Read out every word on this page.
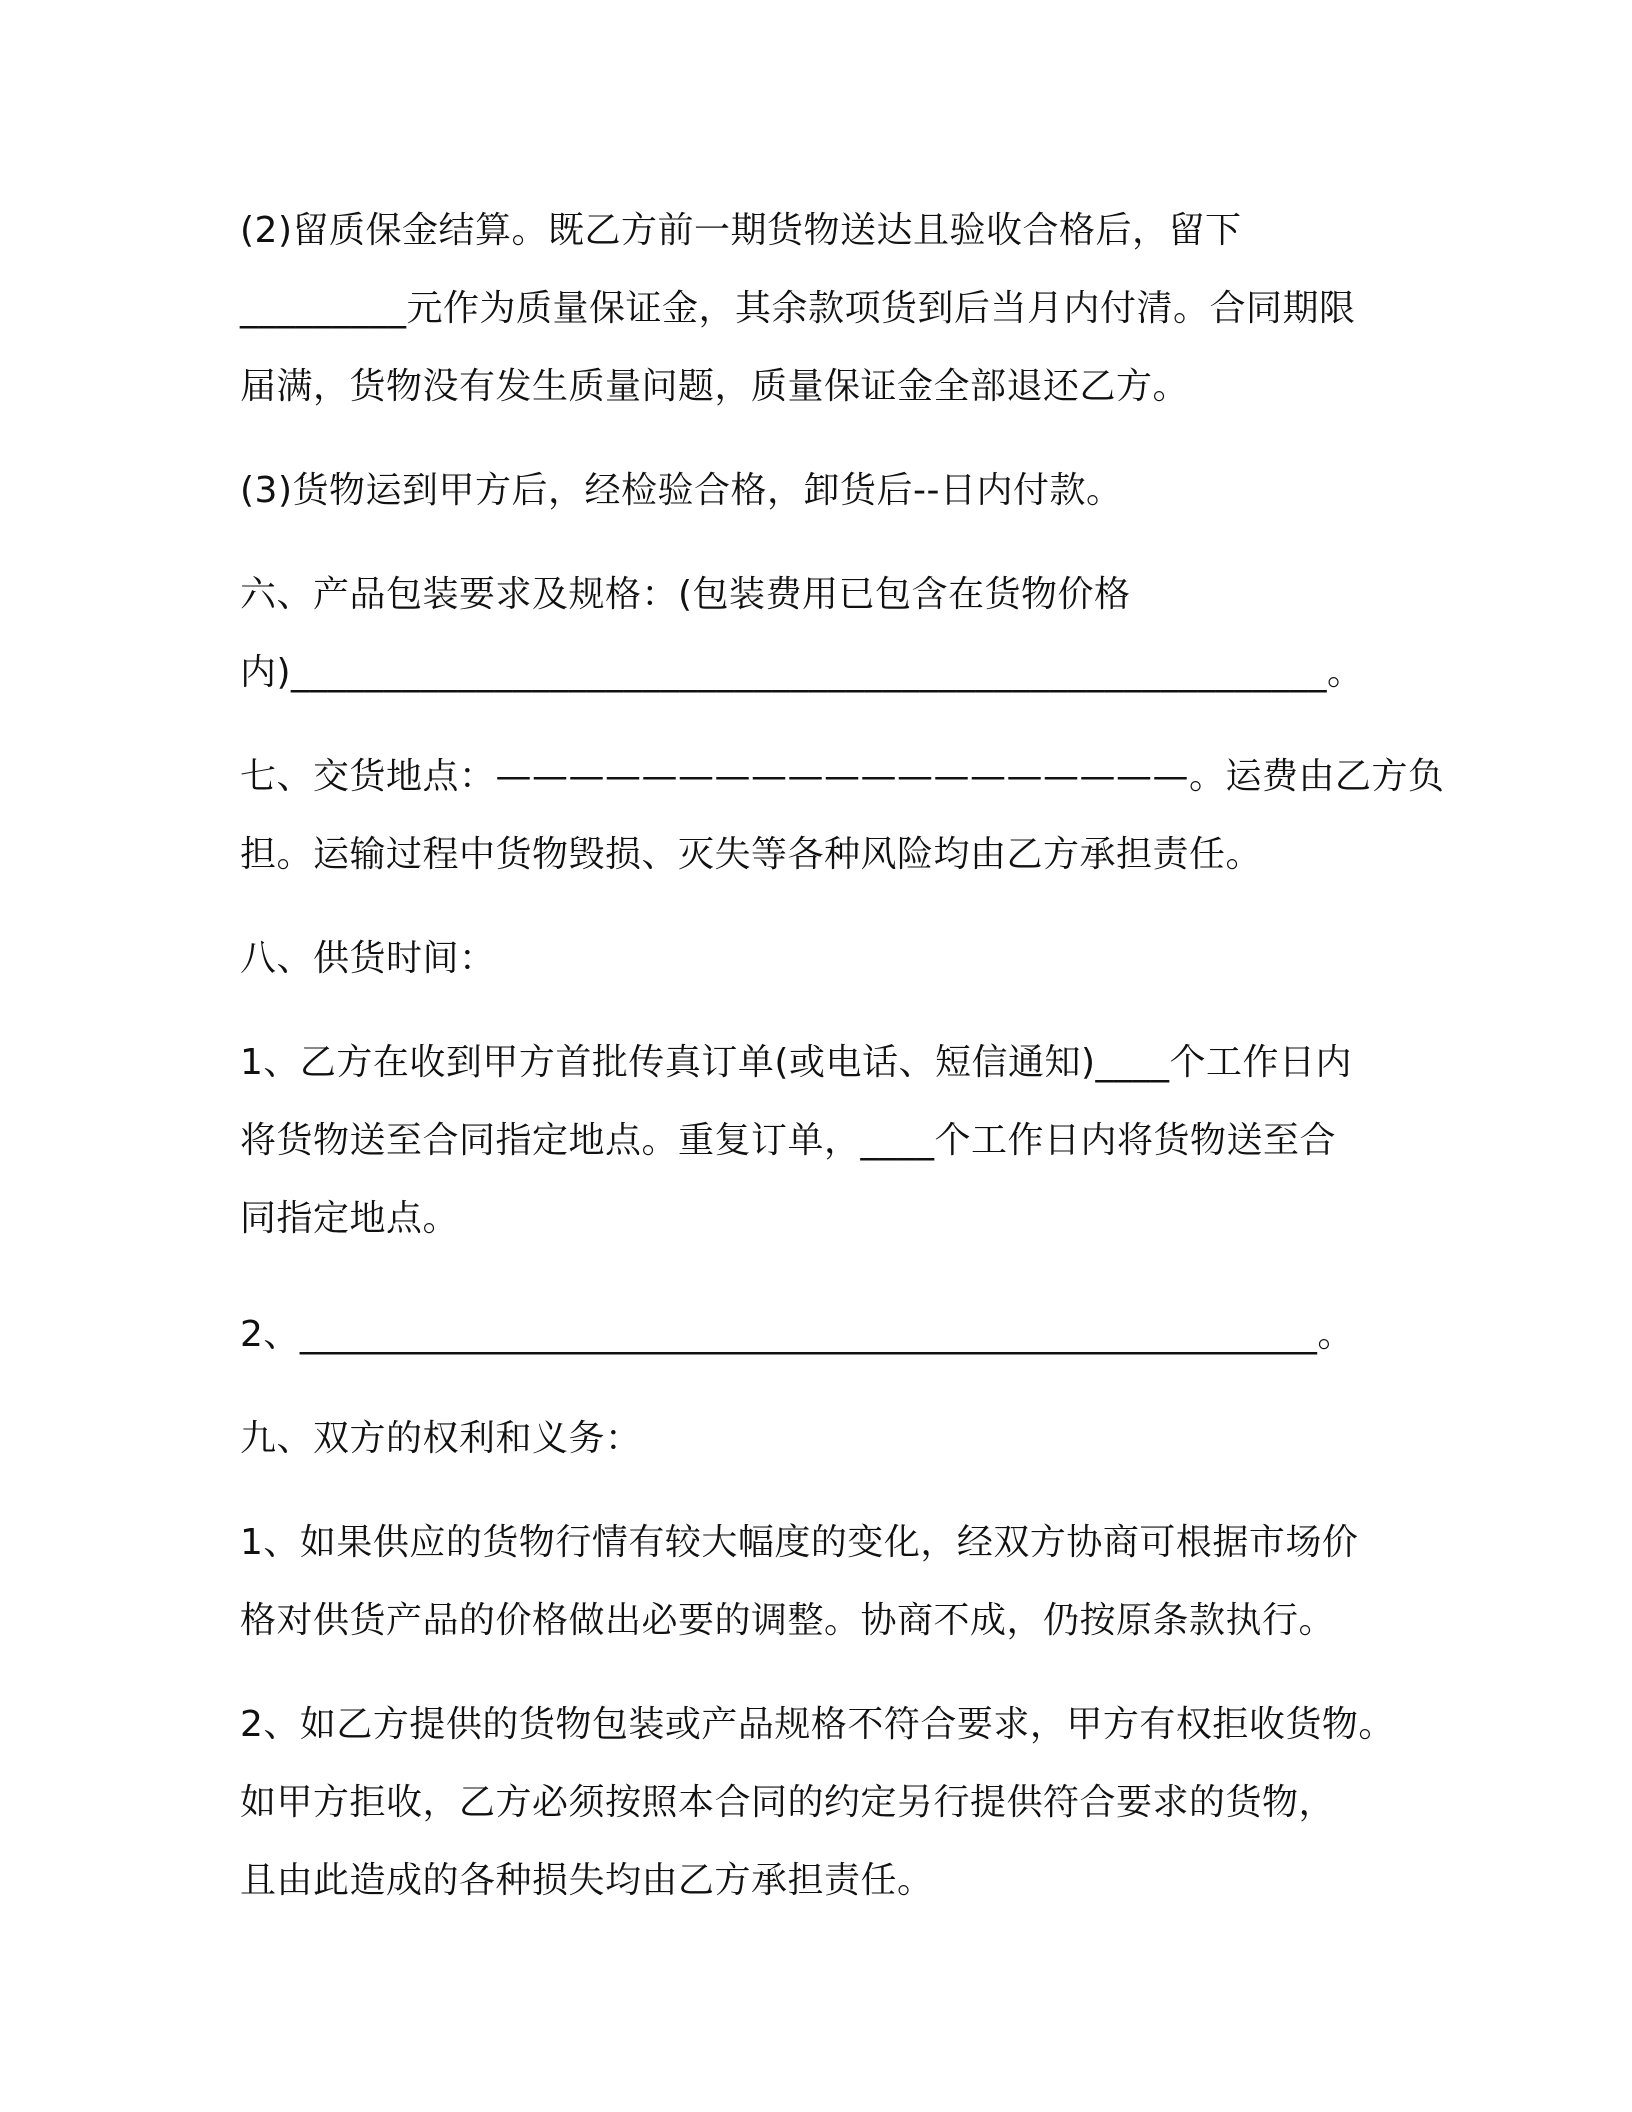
(2)留质保金结算。既乙方前一期货物送达且验收合格后，留下
_________元作为质量保证金，其余款项货到后当月内付清。合同期限
届满，货物没有发生质量问题，质量保证金全部退还乙方。
(3)货物运到甲方后，经检验合格，卸货后--日内付款。
六、产品包装要求及规格：(包装费用已包含在货物价格
内)________________________________________________________。
七、交货地点：———————————————————。运费由乙方负
担。运输过程中货物毁损、灭失等各种风险均由乙方承担责任。
八、供货时间：
1、乙方在收到甲方首批传真订单(或电话、短信通知)____个工作日内
将货物送至合同指定地点。重复订单，____个工作日内将货物送至合
同指定地点。
2、_______________________________________________________。
九、双方的权利和义务：
1、如果供应的货物行情有较大幅度的变化，经双方协商可根据市场价
格对供货产品的价格做出必要的调整。协商不成，仍按原条款执行。
2、如乙方提供的货物包装或产品规格不符合要求，甲方有权拒收货物。
如甲方拒收，乙方必须按照本合同的约定另行提供符合要求的货物，
且由此造成的各种损失均由乙方承担责任。
